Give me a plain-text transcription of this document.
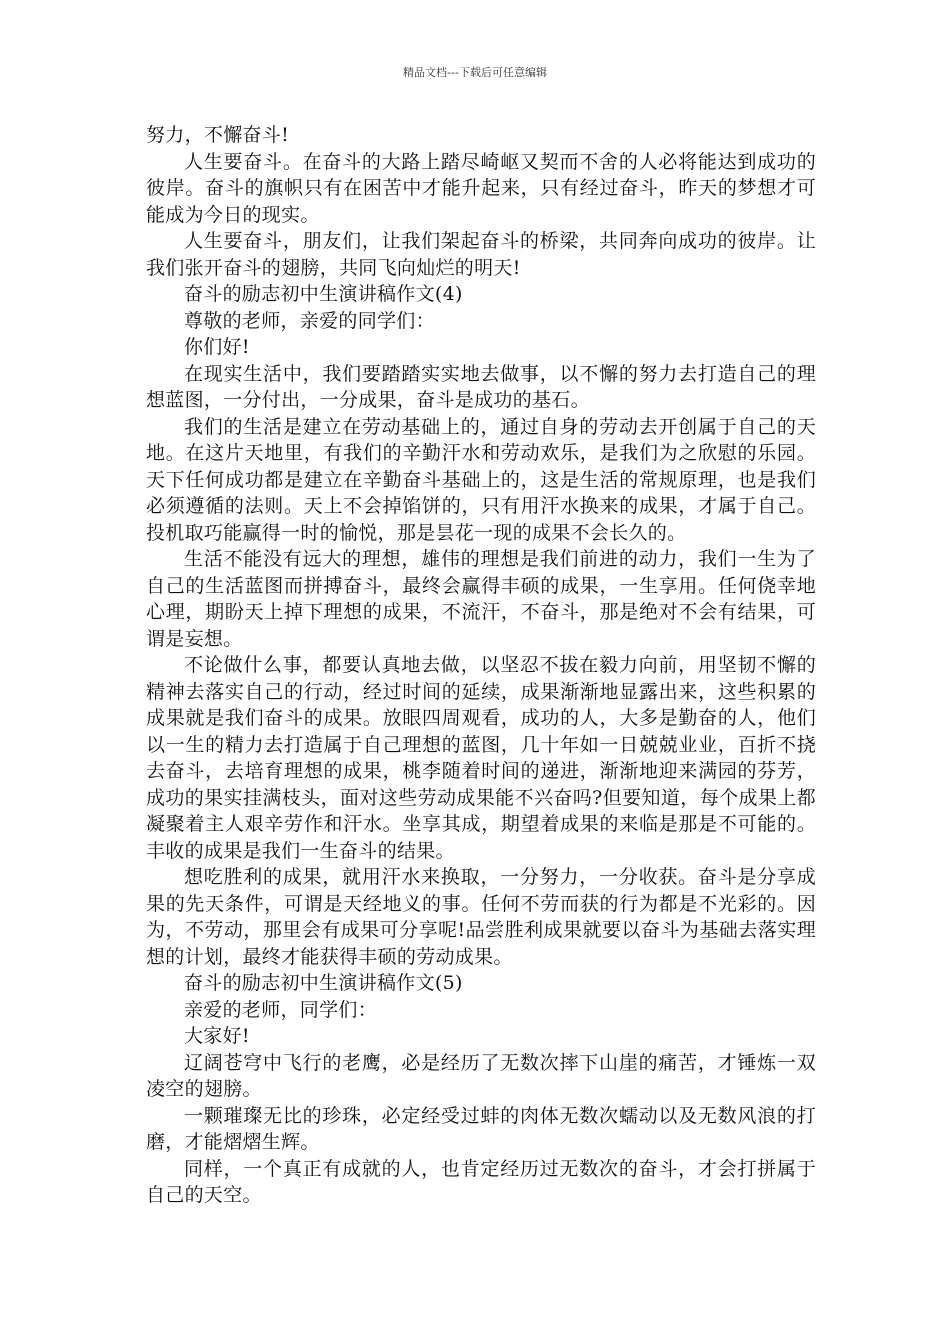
精品文档---下载后可任意编辑

努力，不懈奋斗!

人生要奋斗。在奋斗的大路上踏尽崎岖又契而不舍的人必将能达到成功的彼岸。奋斗的旗帜只有在困苦中才能升起来，只有经过奋斗，昨天的梦想才可能成为今日的现实。

人生要奋斗，朋友们，让我们架起奋斗的桥梁，共同奔向成功的彼岸。让我们张开奋斗的翅膀，共同飞向灿烂的明天!

奋斗的励志初中生演讲稿作文(4)

尊敬的老师，亲爱的同学们：

你们好!

在现实生活中，我们要踏踏实实地去做事，以不懈的努力去打造自己的理想蓝图，一分付出，一分成果，奋斗是成功的基石。

我们的生活是建立在劳动基础上的，通过自身的劳动去开创属于自己的天地。在这片天地里，有我们的辛勤汗水和劳动欢乐，是我们为之欣慰的乐园。天下任何成功都是建立在辛勤奋斗基础上的，这是生活的常规原理，也是我们必须遵循的法则。天上不会掉馅饼的，只有用汗水换来的成果，才属于自己。投机取巧能赢得一时的愉悦，那是昙花一现的成果不会长久的。

生活不能没有远大的理想，雄伟的理想是我们前进的动力，我们一生为了自己的生活蓝图而拼搏奋斗，最终会赢得丰硕的成果，一生享用。任何侥幸地心理，期盼天上掉下理想的成果，不流汗，不奋斗，那是绝对不会有结果，可谓是妄想。

不论做什么事，都要认真地去做，以坚忍不拔在毅力向前，用坚韧不懈的精神去落实自己的行动，经过时间的延续，成果渐渐地显露出来，这些积累的成果就是我们奋斗的成果。放眼四周观看，成功的人，大多是勤奋的人，他们以一生的精力去打造属于自己理想的蓝图，几十年如一日兢兢业业，百折不挠去奋斗，去培育理想的成果，桃李随着时间的递进，渐渐地迎来满园的芬芳，成功的果实挂满枝头，面对这些劳动成果能不兴奋吗?但要知道，每个成果上都凝聚着主人艰辛劳作和汗水。坐享其成，期望着成果的来临是那是不可能的。丰收的成果是我们一生奋斗的结果。

想吃胜利的成果，就用汗水来换取，一分努力，一分收获。奋斗是分享成果的先天条件，可谓是天经地义的事。任何不劳而获的行为都是不光彩的。因为，不劳动，那里会有成果可分享呢!品尝胜利成果就要以奋斗为基础去落实理想的计划，最终才能获得丰硕的劳动成果。

奋斗的励志初中生演讲稿作文(5)

亲爱的老师，同学们：

大家好!

辽阔苍穹中飞行的老鹰，必是经历了无数次摔下山崖的痛苦，才锤炼一双凌空的翅膀。

一颗璀璨无比的珍珠，必定经受过蚌的肉体无数次蠕动以及无数风浪的打磨，才能熠熠生辉。

同样，一个真正有成就的人，也肯定经历过无数次的奋斗，才会打拼属于自己的天空。
